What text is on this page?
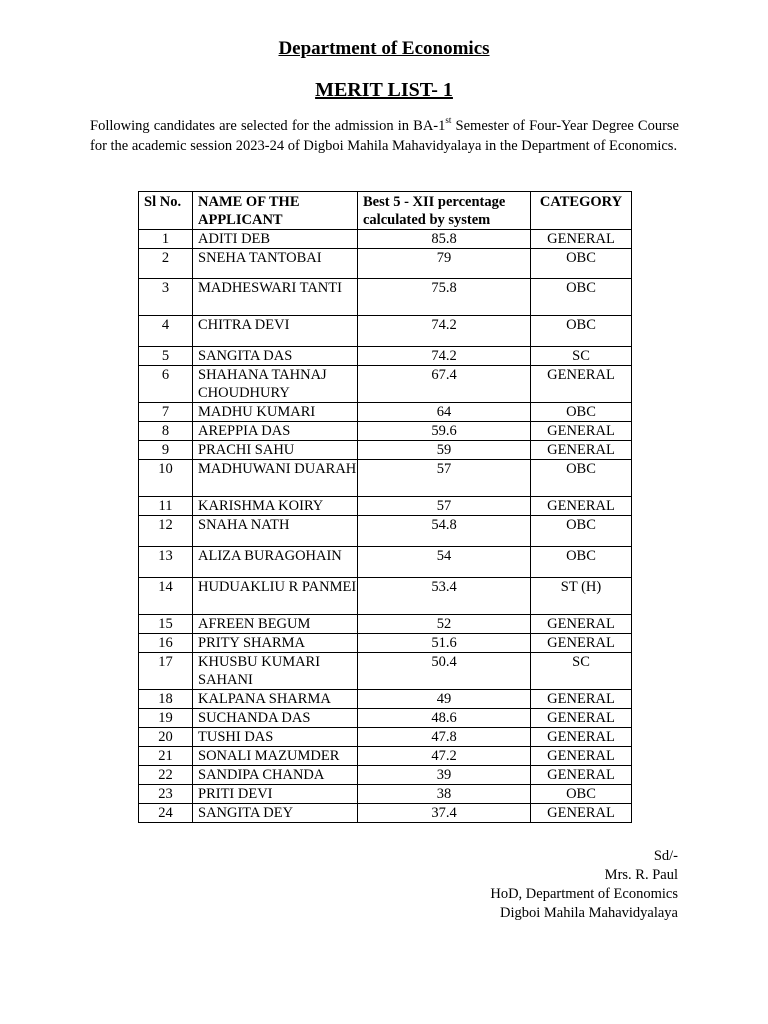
Department of Economics
MERIT LIST- 1

Following candidates are selected for the admission in BA-1st Semester of Four-Year Degree Course for the academic session 2023-24 of Digboi Mahila Mahavidyalaya in the Department of Economics.

Sl No.	NAME OF THE APPLICANT	Best 5 - XII percentage calculated by system	CATEGORY
1	ADITI DEB	85.8	GENERAL
2	SNEHA TANTOBAI	79	OBC
3	MADHESWARI TANTI	75.8	OBC
4	CHITRA DEVI	74.2	OBC
5	SANGITA DAS	74.2	SC
6	SHAHANA TAHNAJ CHOUDHURY	67.4	GENERAL
7	MADHU KUMARI	64	OBC
8	AREPPIA DAS	59.6	GENERAL
9	PRACHI SAHU	59	GENERAL
10	MADHUWANI DUARAH	57	OBC
11	KARISHMA KOIRY	57	GENERAL
12	SNAHA NATH	54.8	OBC
13	ALIZA BURAGOHAIN	54	OBC
14	HUDUAKLIU R PANMEI	53.4	ST (H)
15	AFREEN BEGUM	52	GENERAL
16	PRITY SHARMA	51.6	GENERAL
17	KHUSBU KUMARI SAHANI	50.4	SC
18	KALPANA SHARMA	49	GENERAL
19	SUCHANDA DAS	48.6	GENERAL
20	TUSHI DAS	47.8	GENERAL
21	SONALI MAZUMDER	47.2	GENERAL
22	SANDIPA CHANDA	39	GENERAL
23	PRITI DEVI	38	OBC
24	SANGITA DEY	37.4	GENERAL
Sd/-
Mrs. R. Paul
HoD, Department of Economics
Digboi Mahila Mahavidyalaya
